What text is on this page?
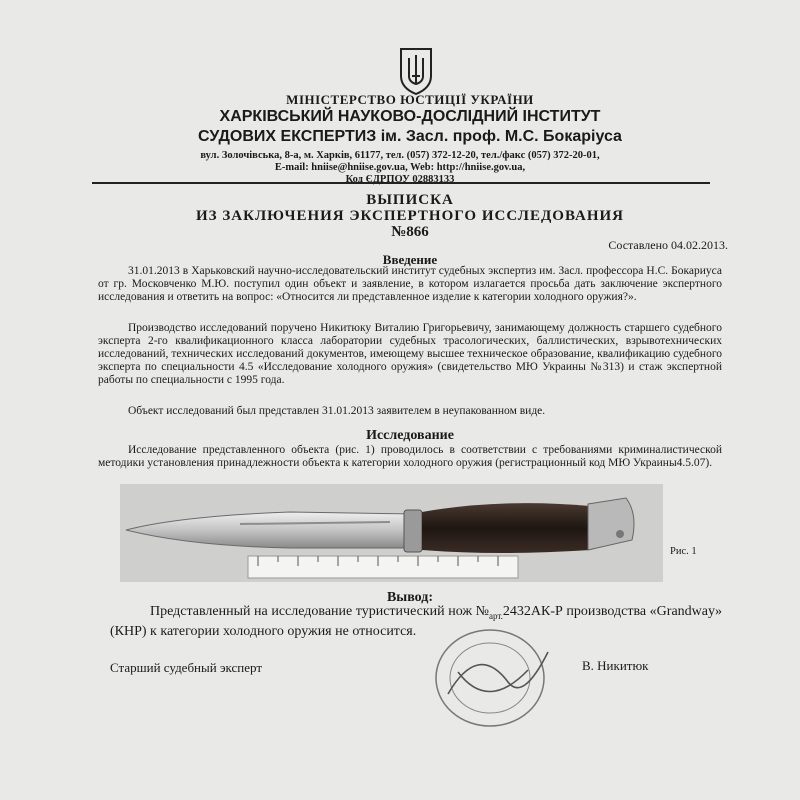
МІНІСТЕРСТВО ЮСТИЦІЇ УКРАЇНИ
ХАРКІВСЬКИЙ НАУКОВО-ДОСЛІДНИЙ ІНСТИТУТ
СУДОВИХ ЕКСПЕРТИЗ ім. Засл. проф. М.С. Бокаріуса
вул. Золочівська, 8-а, м. Харків, 61177, тел. (057) 372-12-20, тел./факс (057) 372-20-01,
E-mail: hniise@hniise.gov.ua, Web: http://hniise.gov.ua,
Код ЄДРПОУ 02883133
ВЫПИСКА
ИЗ ЗАКЛЮЧЕНИЯ ЭКСПЕРТНОГО ИССЛЕДОВАНИЯ
№866
Составлено 04.02.2013.
Введение
31.01.2013 в Харьковский научно-исследовательский институт судебных экспертиз им. Засл. профессора Н.С. Бокариуса от гр. Московченко М.Ю. поступил один объект и заявление, в котором излагается просьба дать заключение экспертного исследования и ответить на вопрос: «Относится ли представленное изделие к категории холодного оружия?».
Производство исследований поручено Никитюку Виталию Григорьевичу, занимающему должность старшего судебного эксперта 2-го квалификационного класса лаборатории судебных трасологических, баллистических, взрывотехнических исследований, технических исследований документов, имеющему высшее техническое образование, квалификацию судебного эксперта по специальности 4.5 «Исследование холодного оружия» (свидетельство МЮ Украины №313) и стаж экспертной работы по специальности с 1995 года.
Объект исследований был представлен 31.01.2013 заявителем в неупакованном виде.
Исследование
Исследование представленного объекта (рис. 1) проводилось в соответствии с требованиями криминалистической методики установления принадлежности объекта к категории холодного оружия (регистрационный код МЮ Украины4.5.07).
Рис. 1
Вывод:
Представленный на исследование туристический нож $№_{арт.}2432АК-Р$ производства «Grandway» (КНР) к категории холодного оружия не относится.
Старший судебный эксперт	В. Никитюк
